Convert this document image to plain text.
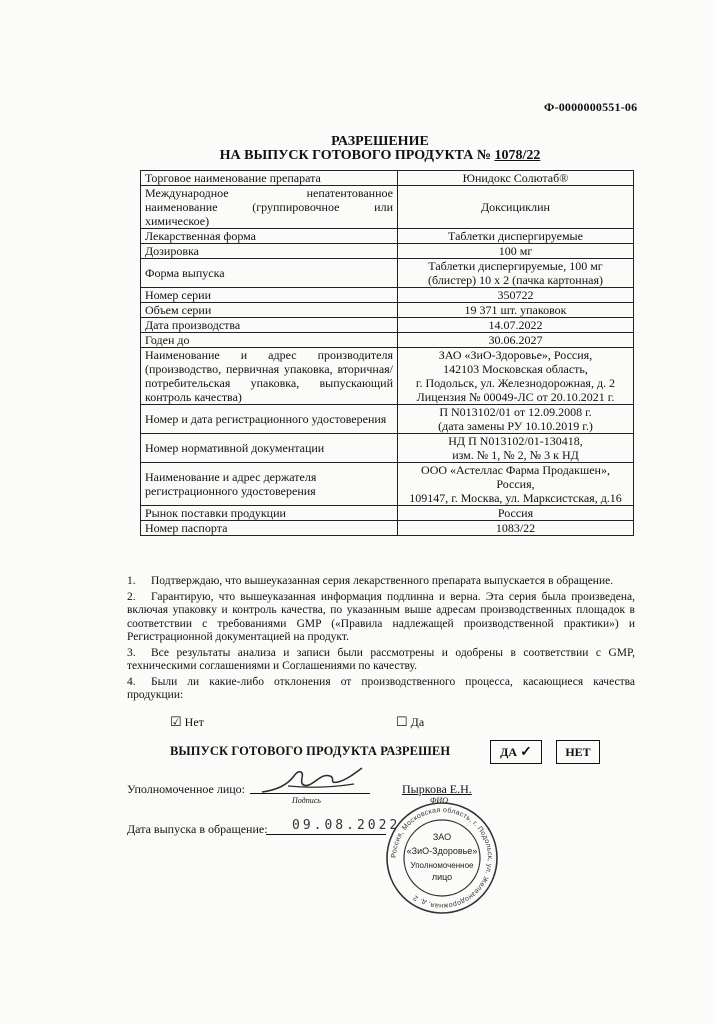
Ф-0000000551-06
РАЗРЕШЕНИЕ
НА ВЫПУСК ГОТОВОГО ПРОДУКТА № 1078/22
Торговое наименование препарата	Юнидокс Солютаб®

Международное непатентованное наименование (группировочное или химическое)	Доксициклин

Лекарственная форма	Таблетки диспергируемые

Дозировка	100 мг

Форма выпуска	Таблетки диспергируемые, 100 мг
(блистер) 10 х 2 (пачка картонная)

Номер серии	350722

Объем серии	19 371 шт. упаковок

Дата производства	14.07.2022

Годен до	30.06.2027

Наименование и адрес производителя (производство, первичная упаковка, вторичная/потребительская упаковка, выпускающий контроль качества)	ЗАО «ЗиО-Здоровье», Россия,
142103 Московская область,
г. Подольск, ул. Железнодорожная, д. 2
Лицензия № 00049-ЛС от 20.10.2021 г.

Номер и дата регистрационного удостоверения	П N013102/01 от 12.09.2008 г.
(дата замены РУ 10.10.2019 г.)

Номер нормативной документации	НД П N013102/01-130418,
изм. № 1, № 2, № 3 к НД

Наименование и адрес держателя
регистрационного удостоверения	ООО «Астеллас Фарма Продакшен»,
Россия,
109147, г. Москва, ул. Марксистская, д.16

Рынок поставки продукции	Россия

Номер паспорта	1083/22

1. Подтверждаю, что вышеуказанная серия лекарственного препарата выпускается в обращение.

2. Гарантирую, что вышеуказанная информация подлинна и верна. Эта серия была произведена, включая упаковку и контроль качества, по указанным выше адресам производственных площадок в соответствии с требованиями GMP («Правила надлежащей производственной практики») и Регистрационной документацией на продукт.

3. Все результаты анализа и записи были рассмотрены и одобрены в соответствии с GMP, техническими соглашениями и Соглашениями по качеству.

4. Были ли какие-либо отклонения от производственного процесса, касающиеся качества продукции:

☑ Нет	☐ Да
ВЫПУСК ГОТОВОГО ПРОДУКТА РАЗРЕШЕН	ДА ✓	НЕТ
Уполномоченное лицо:
Подпись
Пыркова Е.Н.
ФИО
Дата выпуска в обращение: 09.08.2022
Россия, Московская область, г. Подольск, ул. Железнодорожная, д. 2
ЗАО
«ЗиО-Здоровье»
Уполномоченное
лицо
